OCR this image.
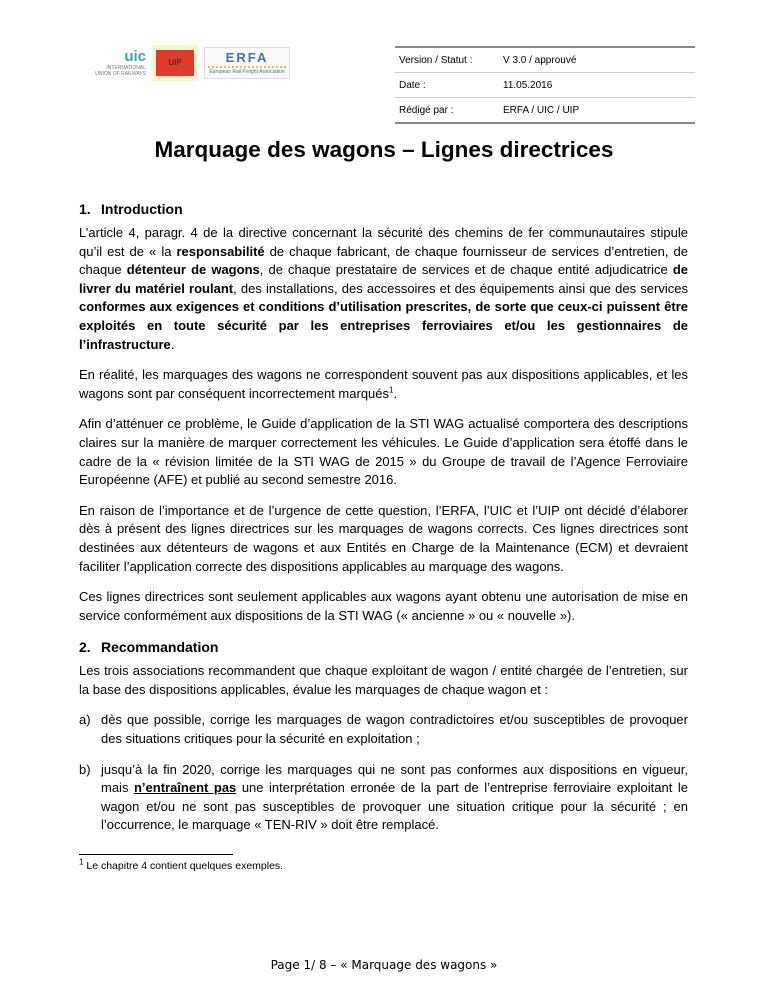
uic
INTERNATIONAL UNION OF RAILWAYS
UIP	ERFA
European Rail Freight Association
Version / Statut :	V 3.0 / approuvé
Date :	11.05.2016
Rédigé par :	ERFA / UIC / UIP
Marquage des wagons – Lignes directrices
1. Introduction

L’article 4, paragr. 4 de la directive concernant la sécurité des chemins de fer communautaires stipule qu’il est de « la responsabilité de chaque fabricant, de chaque fournisseur de services d’entretien, de chaque détenteur de wagons, de chaque prestataire de services et de chaque entité adjudicatrice de livrer du matériel roulant, des installations, des accessoires et des équipements ainsi que des services conformes aux exigences et conditions d’utilisation prescrites, de sorte que ceux-ci puissent être exploités en toute sécurité par les entreprises ferroviaires et/ou les gestionnaires de l’infrastructure.

En réalité, les marquages des wagons ne correspondent souvent pas aux dispositions applicables, et les wagons sont par conséquent incorrectement marqués$^1$.

Afin d’atténuer ce problème, le Guide d’application de la STI WAG actualisé comportera des descriptions claires sur la manière de marquer correctement les véhicules. Le Guide d’application sera étoffé dans le cadre de la « révision limitée de la STI WAG de 2015 » du Groupe de travail de l’Agence Ferroviaire Européenne (AFE) et publié au second semestre 2016.

En raison de l’importance et de l’urgence de cette question, l’ERFA, l’UIC et l’UIP ont décidé d’élaborer dès à présent des lignes directrices sur les marquages de wagons corrects. Ces lignes directrices sont destinées aux détenteurs de wagons et aux Entités en Charge de la Maintenance (ECM) et devraient faciliter l’application correcte des dispositions applicables au marquage des wagons.

Ces lignes directrices sont seulement applicables aux wagons ayant obtenu une autorisation de mise en service conformément aux dispositions de la STI WAG (« ancienne » ou « nouvelle »).

2. Recommandation

Les trois associations recommandent que chaque exploitant de wagon / entité chargée de l’entretien, sur la base des dispositions applicables, évalue les marquages de chaque wagon et :

a) dès que possible, corrige les marquages de wagon contradictoires et/ou susceptibles de provoquer des situations critiques pour la sécurité en exploitation ;
b) jusqu’à la fin 2020, corrige les marquages qui ne sont pas conformes aux dispositions en vigueur, mais n’entraînent pas une interprétation erronée de la part de l’entreprise ferroviaire exploitant le wagon et/ou ne sont pas susceptibles de provoquer une situation critique pour la sécurité ; en l’occurrence, le marquage « TEN-RIV » doit être remplacé.
$^1$ Le chapitre 4 contient quelques exemples.
Page 1/ 8 – « Marquage des wagons »
